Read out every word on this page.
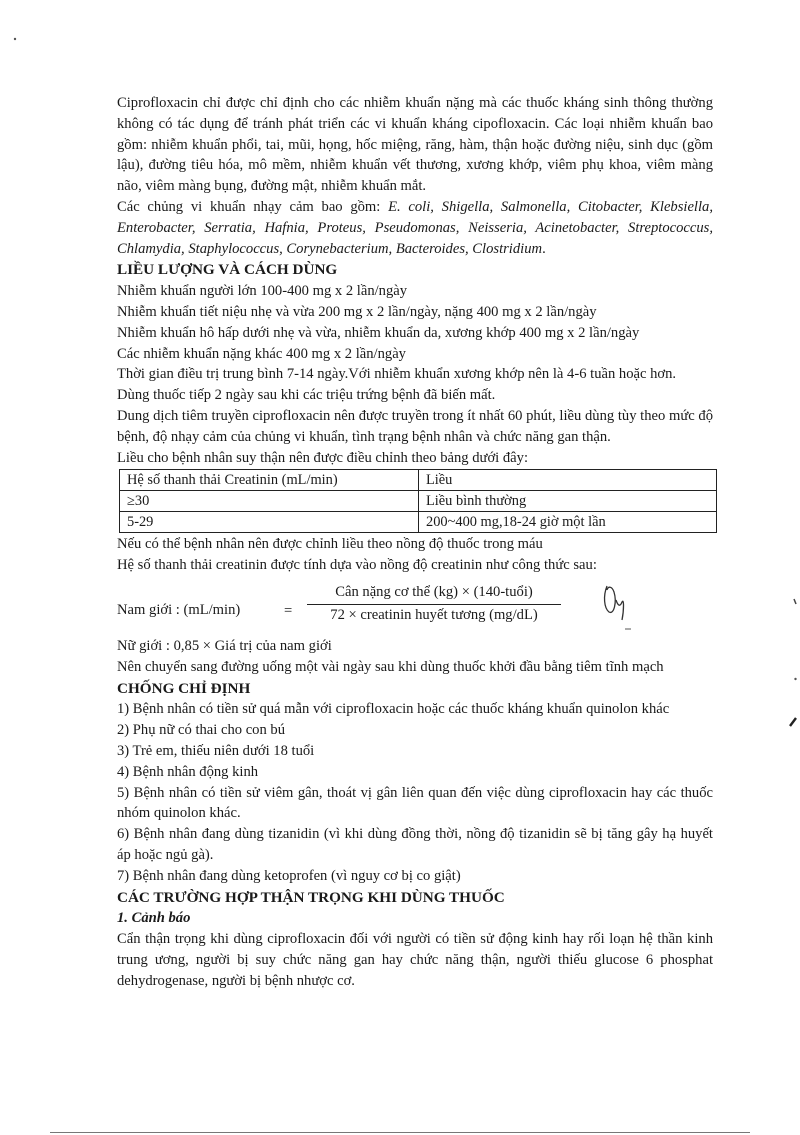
Ciprofloxacin chỉ được chỉ định cho các nhiễm khuẩn nặng mà các thuốc kháng sinh thông thường không có tác dụng để tránh phát triển các vi khuẩn kháng cipofloxacin. Các loại nhiễm khuẩn bao gồm: nhiễm khuẩn phổi, tai, mũi, họng, hốc miệng, răng, hàm, thận hoặc đường niệu, sinh dục (gồm lậu), đường tiêu hóa, mô mềm, nhiễm khuẩn vết thương, xương khớp, viêm phụ khoa, viêm màng não, viêm màng bụng, đường mật, nhiễm khuẩn mắt.

Các chủng vi khuẩn nhạy cảm bao gồm: E. coli, Shigella, Salmonella, Citobacter, Klebsiella, Enterobacter, Serratia, Hafnia, Proteus, Pseudomonas, Neisseria, Acinetobacter, Streptococcus, Chlamydia, Staphylococcus, Corynebacterium, Bacteroides, Clostridium.

LIỀU LƯỢNG VÀ CÁCH DÙNG

Nhiễm khuẩn người lớn 100-400 mg x 2 lần/ngày

Nhiễm khuẩn tiết niệu nhẹ và vừa 200 mg x 2 lần/ngày, nặng 400 mg x 2 lần/ngày

Nhiễm khuẩn hô hấp dưới nhẹ và vừa, nhiễm khuẩn da, xương khớp 400 mg x 2 lần/ngày

Các nhiễm khuẩn nặng khác 400 mg x 2 lần/ngày

Thời gian điều trị trung bình 7-14 ngày.Với nhiễm khuẩn xương khớp nên là 4-6 tuần hoặc hơn.

Dùng thuốc tiếp 2 ngày sau khi các triệu trứng bệnh đã biến mất.

Dung dịch tiêm truyền ciprofloxacin nên được truyền trong ít nhất 60 phút, liều dùng tùy theo mức độ bệnh, độ nhạy cảm của chủng vi khuẩn, tình trạng bệnh nhân và chức năng gan thận.

Liều cho bệnh nhân suy thận nên được điều chỉnh theo bảng dưới đây:

Hệ số thanh thải Creatinin (mL/min)	Liều
≥30	Liều bình thường
5-29	200~400 mg,18-24 giờ một lần

Nếu có thể bệnh nhân nên được chỉnh liều theo nồng độ thuốc trong máu

Hệ số thanh thải creatinin được tính dựa vào nồng độ creatinin như công thức sau:

Nam giới : (mL/min)	=
Cân nặng cơ thể (kg) × (140-tuổi)
72 × creatinin huyết tương (mg/dL)

Nữ giới : 0,85 × Giá trị của nam giới

Nên chuyển sang đường uống một vài ngày sau khi dùng thuốc khởi đầu bằng tiêm tĩnh mạch

CHỐNG CHỈ ĐỊNH

1) Bệnh nhân có tiền sử quá mẫn với ciprofloxacin hoặc các thuốc kháng khuẩn quinolon khác

2) Phụ nữ có thai cho con bú

3) Trẻ em, thiếu niên dưới 18 tuổi

4) Bệnh nhân động kinh

5) Bệnh nhân có tiền sử viêm gân, thoát vị gân liên quan đến việc dùng ciprofloxacin hay các thuốc nhóm quinolon khác.

6) Bệnh nhân đang dùng tizanidin (vì khi dùng đồng thời, nồng độ tizanidin sẽ bị tăng gây hạ huyết áp hoặc ngủ gà).

7) Bệnh nhân đang dùng ketoprofen (vì nguy cơ bị co giật)

CÁC TRƯỜNG HỢP THẬN TRỌNG KHI DÙNG THUỐC

1. Cảnh báo

Cẩn thận trọng khi dùng ciprofloxacin đối với người có tiền sử động kinh hay rối loạn hệ thần kinh trung ương, người bị suy chức năng gan hay chức năng thận, người thiếu glucose 6 phosphat dehydrogenase, người bị bệnh nhược cơ.
